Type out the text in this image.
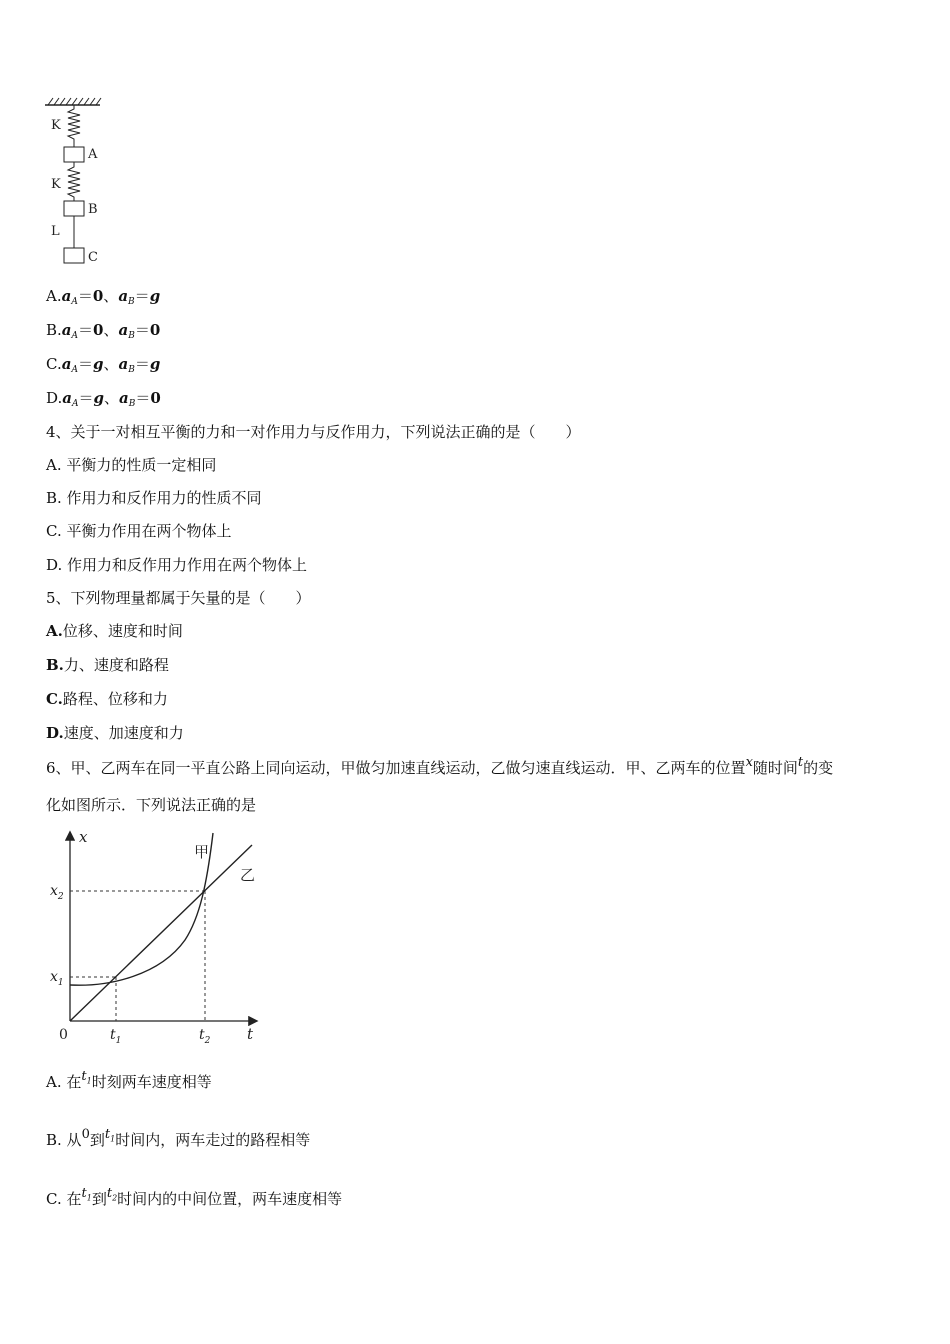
K
A
K
B
L
C
$A.a_A=0$、$a_B=g$
$B.a_A=0$、$a_B=0$
$C.a_A=g$、$a_B=g$
$D.a_A=g$、$a_B=0$
4、关于一对相互平衡的力和一对作用力与反作用力，下列说法正确的是（　　）
A. 平衡力的性质一定相同
B. 作用力和反作用力的性质不同
C. 平衡力作用在两个物体上
D. 作用力和反作用力作用在两个物体上
5、下列物理量都属于矢量的是（　　）
A.位移、速度和时间
B.力、速度和路程
C.路程、位移和力
D.速度、加速度和力
6、甲、乙两车在同一平直公路上同向运动，甲做匀加速直线运动，乙做匀速直线运动．甲、乙两车的位置x随时间t的变
化如图所示．下列说法正确的是
x
t
0
甲
乙
$x_2$
$x_1$
$t_1$	$t_2$
A. 在$t_1$时刻两车速度相等
B. 从0到$t_1$时间内，两车走过的路程相等
C. 在$t_1$到$t_2$时间内的中间位置，两车速度相等
